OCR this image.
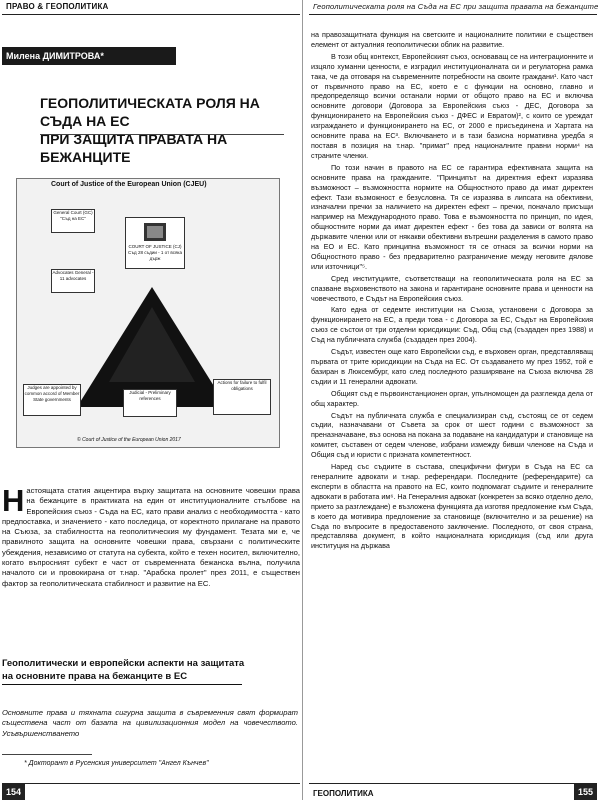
ПРАВО & ГЕОПОЛИТИКА
Милена ДИМИТРОВА*
ГЕОПОЛИТИЧЕСКАТА РОЛЯ НА СЪДА НА ЕС
ПРИ ЗАЩИТА ПРАВАТА НА БЕЖАНЦИТЕ
Court of Justice of the European Union (CJEU)
General Court (GC) "Съд на ЕС"
Advocates General - 11 advocates
COURT OF JUSTICE (CJ) Съд 28 съдии - 1 от всяка държ
Judges are appointed by common accord of Member State governments
Judicial - Preliminary references
Actions for failure to fulfil obligations
© Court of Justice of the European Union 2017
Н астоящата статия акцентира върху защитата на основните човешки права на бежанците в практиката на един от институционалните стълбове на Европейския съюз - Съда на ЕС, като прави анализ с необходимостта - като предпоставка, и значението - като последица, от коректното прилагане на правото на Съюза, за стабилността на геополитическия му фундамент. Тезата ми е, че правилното защита на основните човешки права, свързани с политическите убеждения, независимо от статута на субекта, който е техен носител, включително, когато въпросният субект е част от съвременната бежанска вълна, получила началото си и провокирана от т.нар. "Арабска пролет" през 2011, е съществен фактор за геополитическата стабилност и развитие на ЕС.
Геополитически и европейски аспекти на защитата
на основните права на бежанците в ЕС
Основните права и тяхната сигурна защита в съвременния свят формират съществена част от базата на цивилизационния модел на човечеството. Усъвършенстването
* Докторант в Русенския университет "Ангел Кънчев"
154
Геополитическата роля на Съда на ЕС при защита правата на бежанците

на правозащитната функция на светските и националните политики е съществен елемент от актуалния геополитически облик на развитие.

В този общ контекст, Европейският съюз, основаващ се на интеграционните и изцяло хуманни ценности, е изградил институционалната си и регулаторна рамка така, че да отговаря на съвременните потребности на своите граждани¹. Като част от първичното право на ЕС, което е с функции на основно, главно и предопределящо всички останали норми от общото право на ЕС и включва основните договори (Договора за Европейския съюз - ДЕС, Договора за функционирането на Европейския съюз - ДФЕС и Евратом)², с които се уреждат изграждането и функционирането на ЕС, от 2000 е присъединена и Хартата на основните права на ЕС³. Включването и в тази базисна нормативна уредба я поставя в позиция на т.нар. "примат" пред националните правни норми⁴ на страните членки.

По този начин в правото на ЕС се гарантира ефективната защита на основните права на гражданите. "Принципът на директния ефект изразява възможност – възможността нормите на Общностното право да имат директен ефект. Тази възможност е безусловна. Тя се изразява в липсата на обективни, изначални пречки за наличието на директен ефект – пречки, поначало присъщи например на Международното право. Това е възможността по принцип, по идея, общностните норми да имат директен ефект - без това да зависи от волята на държавите членки или от някакви обективни вътрешни разделения в самото право на ЕО и ЕС. Като принципна възможност тя се отнася за всички норми на Общностното право - без предварително разграничение между неговите дялове или източници"⁵.

Сред институциите, съответстващи на геополитическата роля на ЕС за спазване върховенството на закона и гарантиране основните права и ценности на човечеството, е Съдът на Европейския съюз.

Като една от седемте институции на Съюза, установени с Договора за функционирането на ЕС, а преди това - с Договора за ЕС, Съдът на Европейския съюз се състои от три отделни юрисдикции: Съд, Общ съд (създаден през 1988) и Съд на публичната служба (създаден през 2004).

Съдът, известен още като Европейски съд, е върховен орган, представляващ първата от трите юрисдикции на Съда на ЕС. От създаването му през 1952, той е базиран в Люксембург, като след последното разширяване на Съюза включва 28 съдии и 11 генерални адвокати.

Общият съд е първоинстанционен орган, упълномощен да разглежда дела от общ характер.

Съдът на публичната служба е специализиран съд, състоящ се от седем съдии, назначавани от Съвета за срок от шест години с възможност за преназначаване, въз основа на покана за подаване на кандидатури и становище на комитет, съставен от седем членове, избрани измежду бивши членове на Съда и Общия съд и юристи с призната компетентност.

Наред със съдиите в състава, специфични фигури в Съда на ЕС са генералните адвокати и т.нар. референдари. Последните (референдарите) са експерти в областта на правото на ЕС, които подпомагат съдиите и генералните адвокати в работата им⁶. На Генералния адвокат (конкретен за всяко отделно дело, прието за разглеждане) е възложена функцията да изготвя предложение към Съда, в което да мотивира предложение за становище (включително и за решение) на Съда по въпросите в предоставеното заключение. Последното, от своя страна, представлява документ, в който националната юрисдикция (съд или друга институция на държава

ГЕОПОЛИТИКА	155
